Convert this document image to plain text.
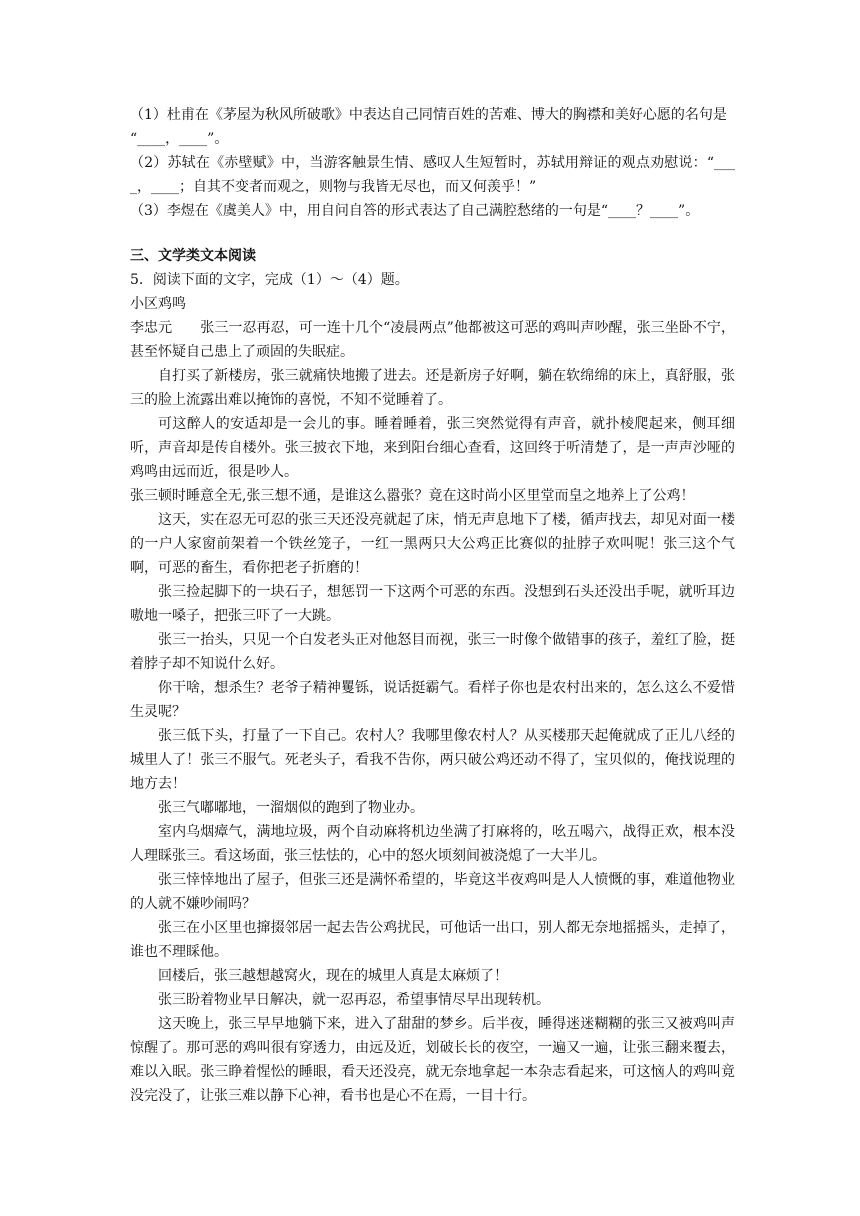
（1）杜甫在《茅屋为秋风所破歌》中表达自己同情百姓的苦难、博大的胸襟和美好心愿的名句是

“____，____”。

（2）苏轼在《赤壁赋》中，当游客触景生情、感叹人生短暂时，苏轼用辩证的观点劝慰说：“____，____；自其不变者而观之，则物与我皆无尽也，而又何羡乎！”

（3）李煜在《虞美人》中，用自问自答的形式表达了自己满腔愁绪的一句是“____？____”。

三、文学类文本阅读

5．阅读下面的文字，完成（1）～（4）题。

小区鸡鸣

李忠元　　张三一忍再忍，可一连十几个“凌晨两点”他都被这可恶的鸡叫声吵醒，张三坐卧不宁，甚至怀疑自己患上了顽固的失眠症。

自打买了新楼房，张三就痛快地搬了进去。还是新房子好啊，躺在软绵绵的床上，真舒服，张三的脸上流露出难以掩饰的喜悦，不知不觉睡着了。

可这醉人的安适却是一会儿的事。睡着睡着，张三突然觉得有声音，就扑棱爬起来，侧耳细听，声音却是传自楼外。张三披衣下地，来到阳台细心查看，这回终于听清楚了，是一声声沙哑的鸡鸣由远而近，很是吵人。

张三顿时睡意全无,张三想不通，是谁这么嚣张？竟在这时尚小区里堂而皇之地养上了公鸡！

这天，实在忍无可忍的张三天还没亮就起了床，悄无声息地下了楼，循声找去，却见对面一楼的一户人家窗前架着一个铁丝笼子，一红一黑两只大公鸡正比赛似的扯脖子欢叫呢！张三这个气啊，可恶的畜生，看你把老子折磨的！

张三捡起脚下的一块石子，想惩罚一下这两个可恶的东西。没想到石头还没出手呢，就听耳边嗷地一嗓子，把张三吓了一大跳。

张三一抬头，只见一个白发老头正对他怒目而视，张三一时像个做错事的孩子，羞红了脸，挺着脖子却不知说什么好。

你干啥，想杀生？老爷子精神矍铄，说话挺霸气。看样子你也是农村出来的，怎么这么不爱惜生灵呢？

张三低下头，打量了一下自己。农村人？我哪里像农村人？从买楼那天起俺就成了正儿八经的城里人了！张三不服气。死老头子，看我不告你，两只破公鸡还动不得了，宝贝似的，俺找说理的地方去！

张三气嘟嘟地，一溜烟似的跑到了物业办。

室内乌烟瘴气，满地垃圾，两个自动麻将机边坐满了打麻将的，吆五喝六，战得正欢，根本没人理睬张三。看这场面，张三怯怯的，心中的怒火顷刻间被浇熄了一大半儿。

张三悻悻地出了屋子，但张三还是满怀希望的，毕竟这半夜鸡叫是人人愤慨的事，难道他物业的人就不嫌吵闹吗？

张三在小区里也撺掇邻居一起去告公鸡扰民，可他话一出口，别人都无奈地摇摇头，走掉了，谁也不理睬他。

回楼后，张三越想越窝火，现在的城里人真是太麻烦了！

张三盼着物业早日解决，就一忍再忍，希望事情尽早出现转机。

这天晚上，张三早早地躺下来，进入了甜甜的梦乡。后半夜，睡得迷迷糊糊的张三又被鸡叫声惊醒了。那可恶的鸡叫很有穿透力，由远及近，划破长长的夜空，一遍又一遍，让张三翻来覆去，难以入眠。张三睁着惺忪的睡眼，看天还没亮，就无奈地拿起一本杂志看起来，可这恼人的鸡叫竟没完没了，让张三难以静下心神，看书也是心不在焉，一目十行。
